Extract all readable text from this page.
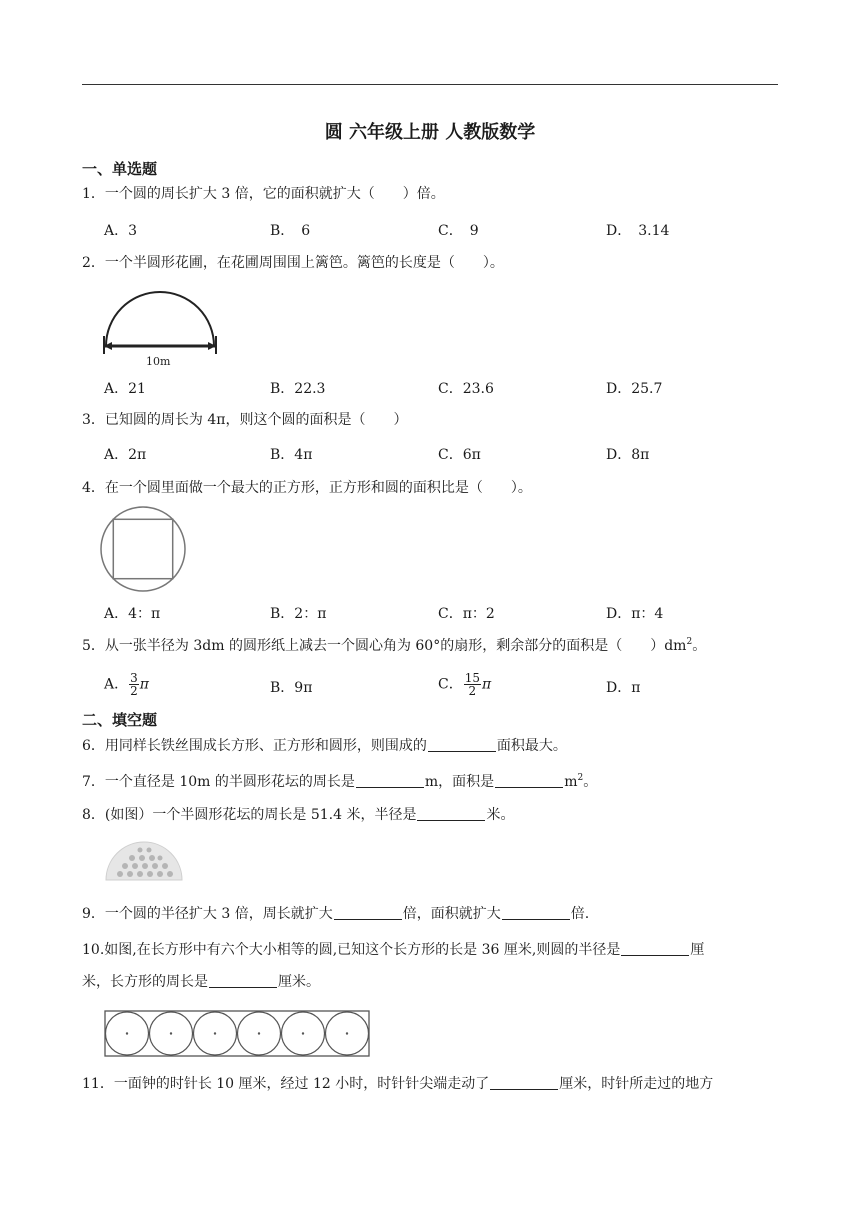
圆 六年级上册 人教版数学
一、单选题
1．一个圆的周长扩大 3 倍，它的面积就扩大（　　）倍。
A．3	B．　6	C．　9	D．　3.14
2．一个半圆形花圃，在花圃周围围上篱笆。篱笆的长度是（　　）。
10m
A．21	B．22.3	C．23.6	D．25.7
3．已知圆的周长为 4π，则这个圆的面积是（　　）
A．2π	B．4π	C．6π	D．8π
4．在一个圆里面做一个最大的正方形，正方形和圆的面积比是（　　）。
A．4：π	B．2：π	C．π：2	D．π：4
5．从一张半径为 3dm 的圆形纸上减去一个圆心角为 60°的扇形，剩余部分的面积是（　　）$dm^2$。
A． $\frac{3}{2}$ π	B．9π	C． $\frac{15}{2}$ π	D．π
二、填空题
6．用同样长铁丝围成长方形、正方形和圆形，则围成的	面积最大。
7．一个直径是 10m 的半圆形花坛的周长是	m，面积是	$m^2$。
8．(如图）一个半圆形花坛的周长是 51.4 米，半径是	米。
9．一个圆的半径扩大 3 倍，周长就扩大	倍，面积就扩大	倍.
10.如图,在长方形中有六个大小相等的圆,已知这个长方形的长是 36 厘米,则圆的半径是	厘
米，长方形的周长是	厘米。
11．一面钟的时针长 10 厘米，经过 12 小时，时针针尖端走动了	厘米，时针所走过的地方
